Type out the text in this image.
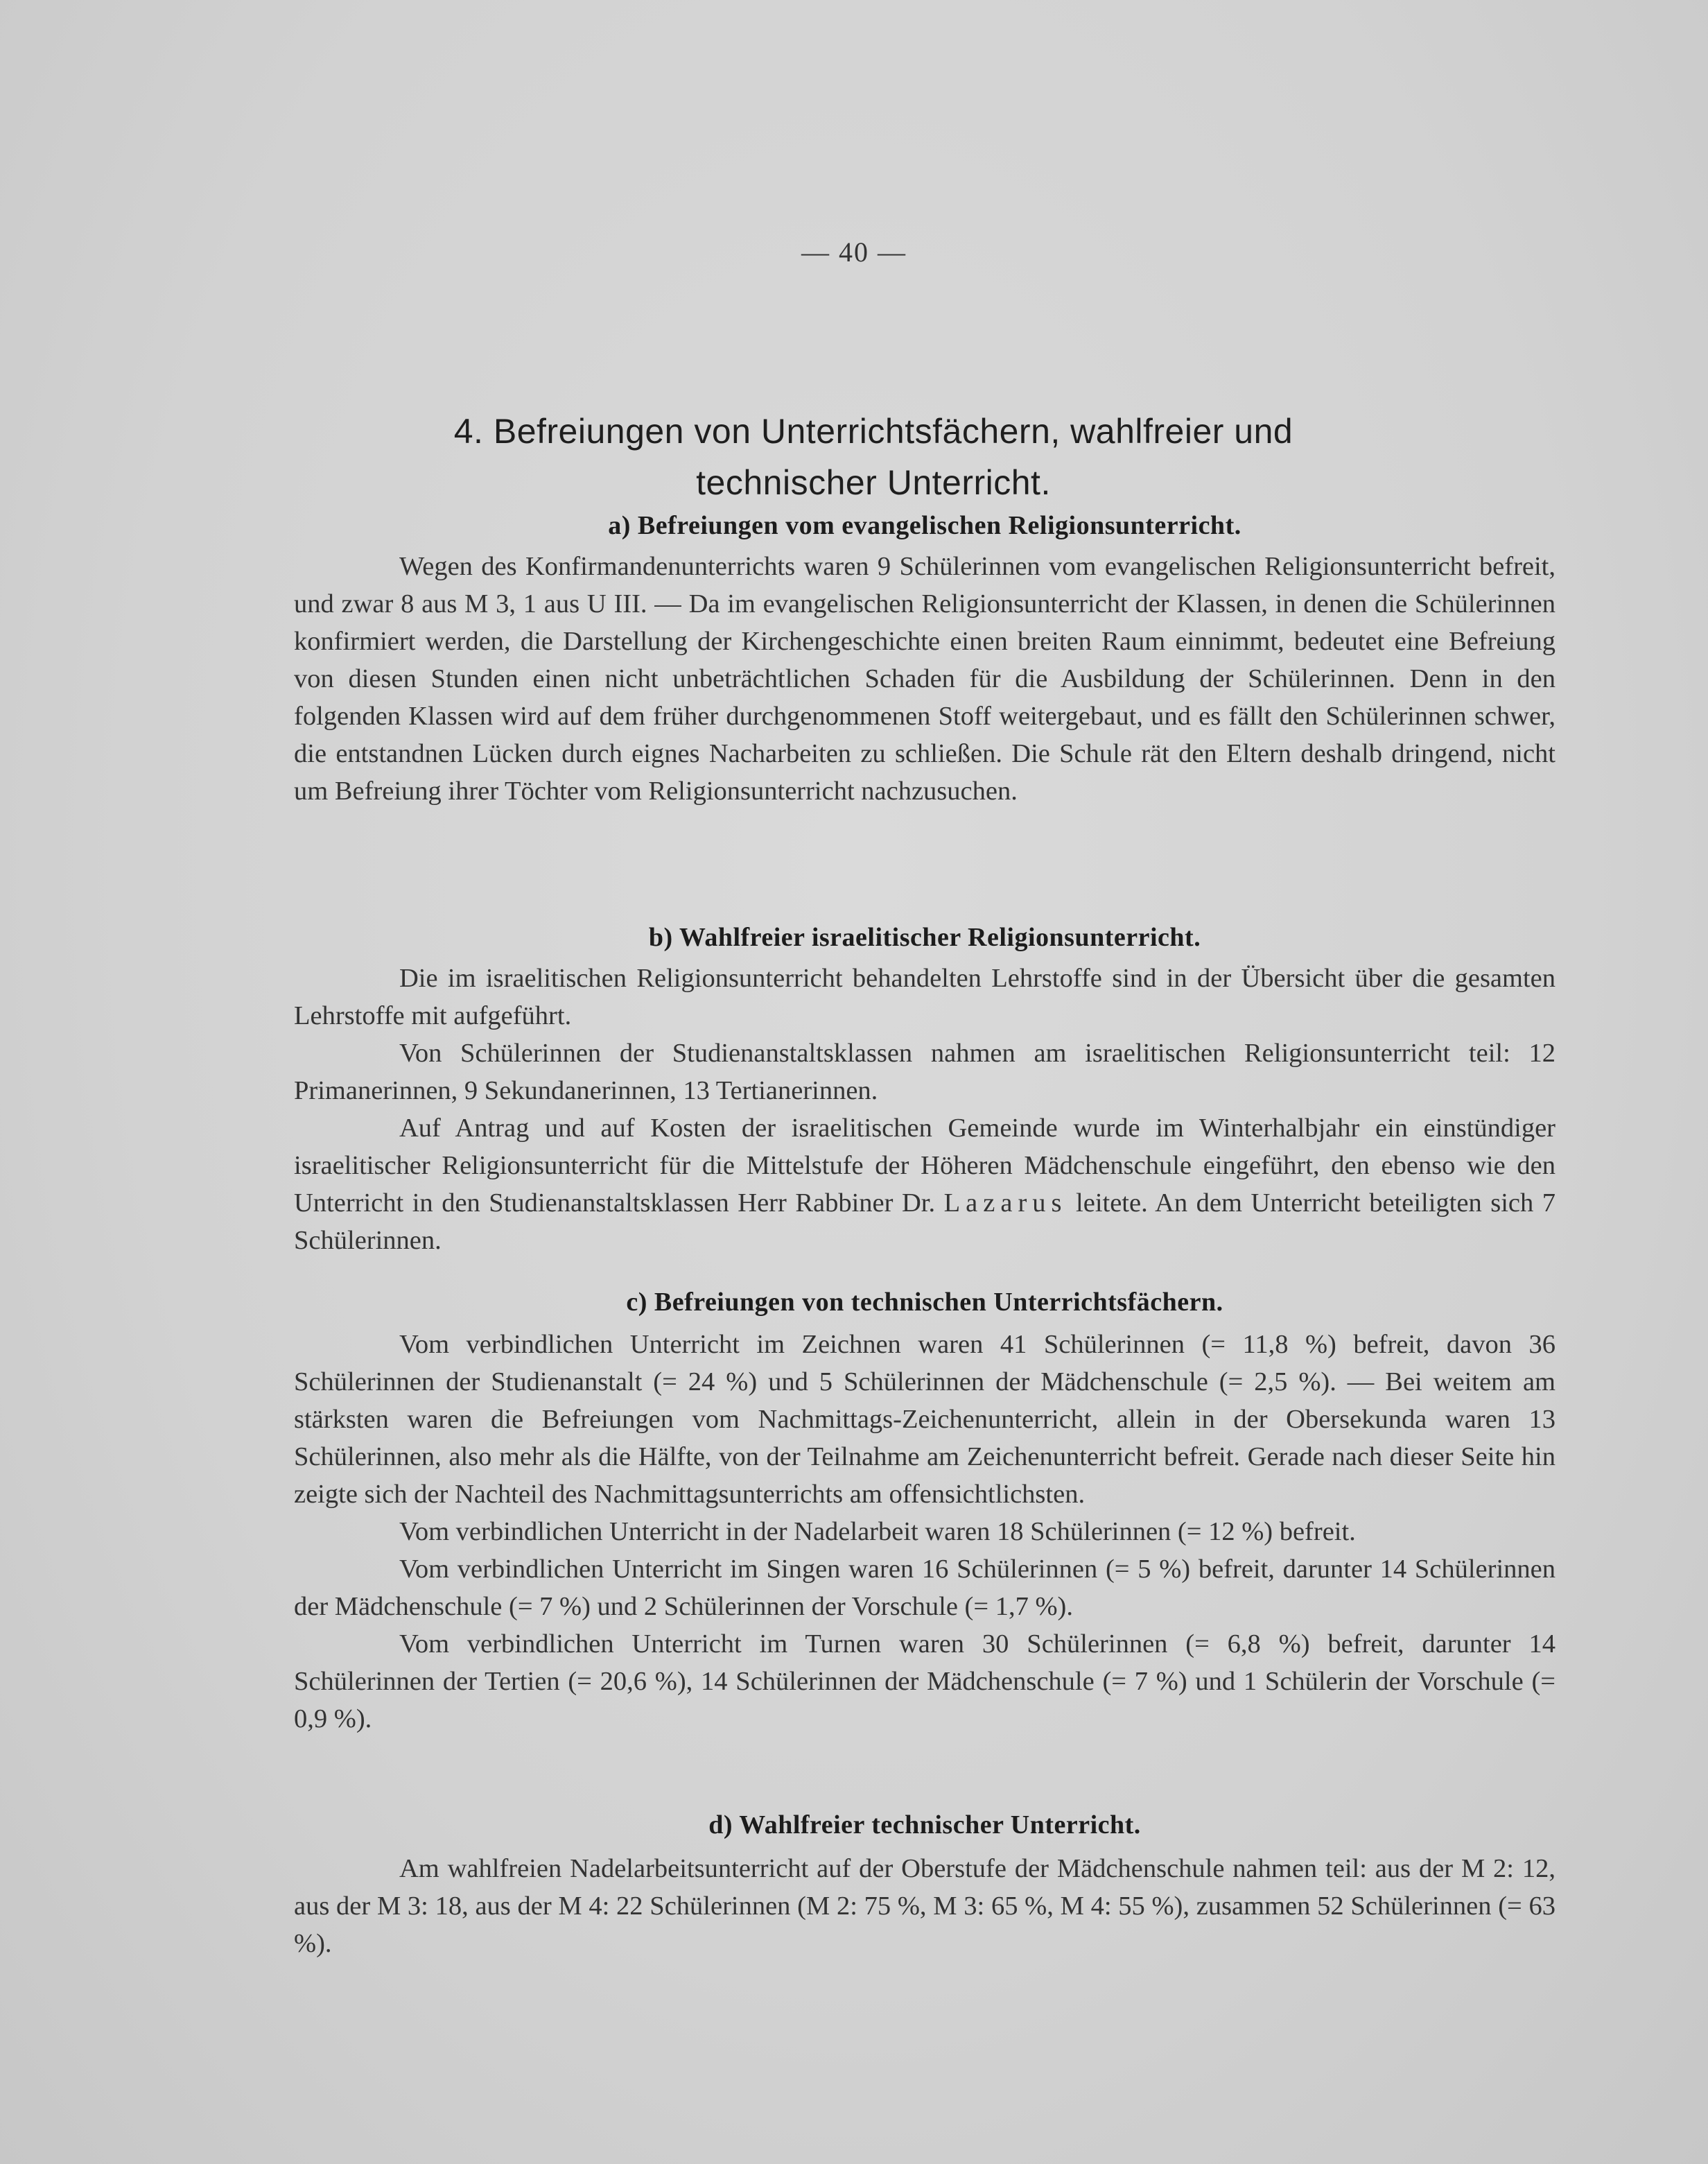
— 40 —
4. Befreiungen von Unterrichtsfächern, wahlfreier und
technischer Unterricht.
a) Befreiungen vom evangelischen Religionsunterricht.

Wegen des Konfirmandenunterrichts waren 9 Schülerinnen vom evangelischen Religionsunterricht befreit, und zwar 8 aus M 3, 1 aus U III. — Da im evangelischen Religionsunterricht der Klassen, in denen die Schülerinnen konfirmiert werden, die Darstellung der Kirchengeschichte einen breiten Raum einnimmt, bedeutet eine Befreiung von diesen Stunden einen nicht unbeträchtlichen Schaden für die Ausbildung der Schülerinnen. Denn in den folgenden Klassen wird auf dem früher durchgenommenen Stoff weitergebaut, und es fällt den Schülerinnen schwer, die entstandnen Lücken durch eignes Nacharbeiten zu schließen. Die Schule rät den Eltern deshalb dringend, nicht um Befreiung ihrer Töchter vom Religionsunterricht nachzusuchen.

b) Wahlfreier israelitischer Religionsunterricht.

Die im israelitischen Religionsunterricht behandelten Lehrstoffe sind in der Übersicht über die gesamten Lehrstoffe mit aufgeführt.

Von Schülerinnen der Studienanstaltsklassen nahmen am israelitischen Religionsunterricht teil: 12 Primanerinnen, 9 Sekundanerinnen, 13 Tertianerinnen.

Auf Antrag und auf Kosten der israelitischen Gemeinde wurde im Winterhalbjahr ein einstündiger israelitischer Religionsunterricht für die Mittelstufe der Höheren Mädchenschule eingeführt, den ebenso wie den Unterricht in den Studienanstaltsklassen Herr Rabbiner Dr. Lazarus leitete. An dem Unterricht beteiligten sich 7 Schülerinnen.

c) Befreiungen von technischen Unterrichtsfächern.

Vom verbindlichen Unterricht im Zeichnen waren 41 Schülerinnen (= 11,8 %) befreit, davon 36 Schülerinnen der Studienanstalt (= 24 %) und 5 Schülerinnen der Mädchenschule (= 2,5 %). — Bei weitem am stärksten waren die Befreiungen vom Nachmittags-Zeichenunterricht, allein in der Obersekunda waren 13 Schülerinnen, also mehr als die Hälfte, von der Teilnahme am Zeichenunterricht befreit. Gerade nach dieser Seite hin zeigte sich der Nachteil des Nachmittagsunterrichts am offensichtlichsten.

Vom verbindlichen Unterricht in der Nadelarbeit waren 18 Schülerinnen (= 12 %) befreit.

Vom verbindlichen Unterricht im Singen waren 16 Schülerinnen (= 5 %) befreit, darunter 14 Schülerinnen der Mädchenschule (= 7 %) und 2 Schülerinnen der Vorschule (= 1,7 %).

Vom verbindlichen Unterricht im Turnen waren 30 Schülerinnen (= 6,8 %) befreit, darunter 14 Schülerinnen der Tertien (= 20,6 %), 14 Schülerinnen der Mädchenschule (= 7 %) und 1 Schülerin der Vorschule (= 0,9 %).

d) Wahlfreier technischer Unterricht.

Am wahlfreien Nadelarbeitsunterricht auf der Oberstufe der Mädchenschule nahmen teil: aus der M 2: 12, aus der M 3: 18, aus der M 4: 22 Schülerinnen (M 2: 75 %, M 3: 65 %, M 4: 55 %), zusammen 52 Schülerinnen (= 63 %).
